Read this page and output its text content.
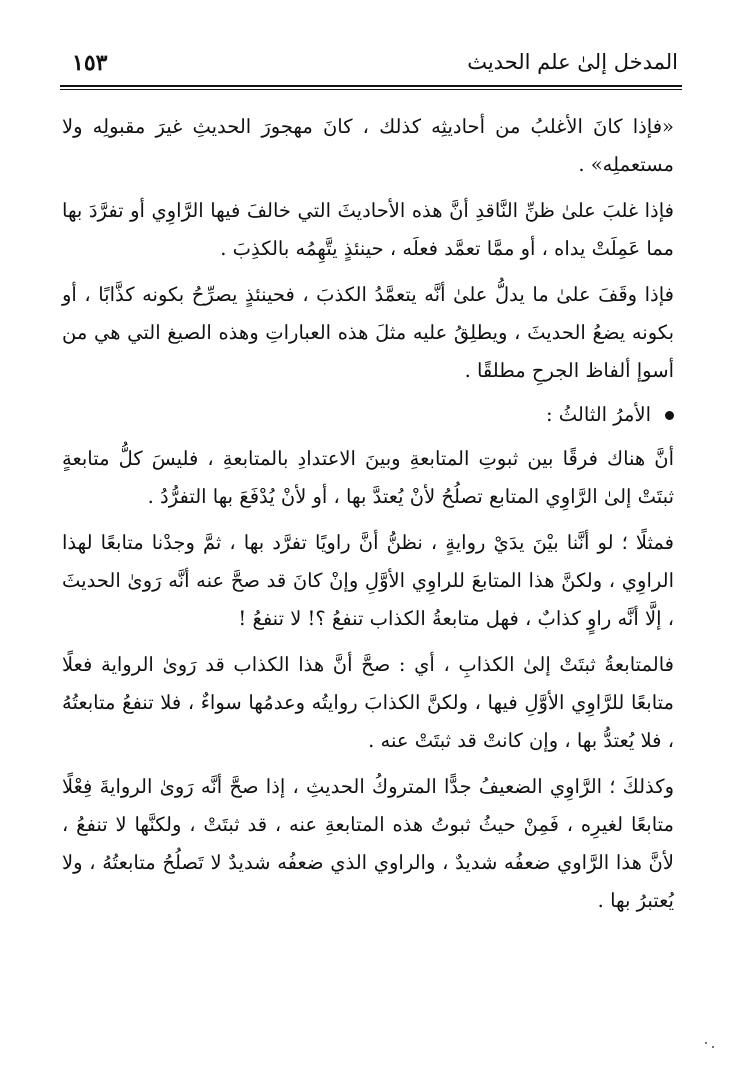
المدخل إلىٰ علم الحديث
١٥٣

«فإذا كانَ الأغلبُ من أحاديثِه كذلك ، كانَ مهجورَ الحديثِ غيرَ مقبولِه ولا مستعملِه» .

فإذا غلبَ علىٰ ظنِّ النَّاقدِ أنَّ هذه الأحاديثَ التي خالفَ فيها الرَّاوِي أو تفرَّدَ بها مما عَمِلَتْ يداه ، أو ممَّا تعمَّد فعلَه ، حينئذٍ يتَّهِمُه بالكذِبَ .

فإذا وقَفَ علىٰ ما يدلُّ علىٰ أنَّه يتعمَّدُ الكذبَ ، فحينئذٍ يصرِّحُ بكونه كذَّابًا ، أو بكونه يضعُ الحديثَ ، ويطلِقُ عليه مثلَ هذه العباراتِ وهذه الصيغ التي هي من أسوإ ألفاظ الجرحِ مطلقًا .

الأمرُ الثالثُ :

أنَّ هناك فرقًا بين ثبوتِ المتابعةِ وبينَ الاعتدادِ بالمتابعةِ ، فليسَ كلُّ متابعةٍ ثبتَتْ إلىٰ الرَّاوِي المتابع تصلُحُ لأنْ يُعتدَّ بها ، أو لأنْ يُدْفَعَ بها التفرُّدُ .

فمثلًا ؛ لو أنَّنا بيْنَ يدَيْ روايةٍ ، نظنُّ أنَّ راويًا تفرَّد بها ، ثمَّ وجدْنا متابعًا لهذا الراوِي ، ولكنَّ هذا المتابعَ للراوِي الأوَّلِ وإنْ كانَ قد صحَّ عنه أنَّه رَوىٰ الحديثَ ، إلَّا أنَّه راوٍ كذابٌ ، فهل متابعةُ الكذاب تنفعُ ؟! لا تنفعُ !

فالمتابعةُ ثبتَتْ إلىٰ الكذابِ ، أي : صحَّ أنَّ هذا الكذاب قد رَوىٰ الرواية فعلًا متابعًا للرَّاوِي الأوَّلِ فيها ، ولكنَّ الكذابَ روايتُه وعدمُها سواءٌ ، فلا تنفعُ متابعتُهُ ، فلا يُعتدُّ بها ، وإن كانتْ قد ثبتَتْ عنه .

وكذلكَ ؛ الرَّاوِي الضعيفُ جدًّا المتروكُ الحديثِ ، إذا صحَّ أنَّه رَوىٰ الروايةَ فِعْلًا متابعًا لغيرِه ، فَمِنْ حيثُ ثبوتُ هذه المتابعةِ عنه ، قد ثبتَتْ ، ولكنَّها لا تنفعُ ، لأنَّ هذا الرَّاوي ضعفُه شديدٌ ، والراوي الذي ضعفُه شديدٌ لا تَصلُحُ متابعتُهُ ، ولا يُعتبرُ بها .
